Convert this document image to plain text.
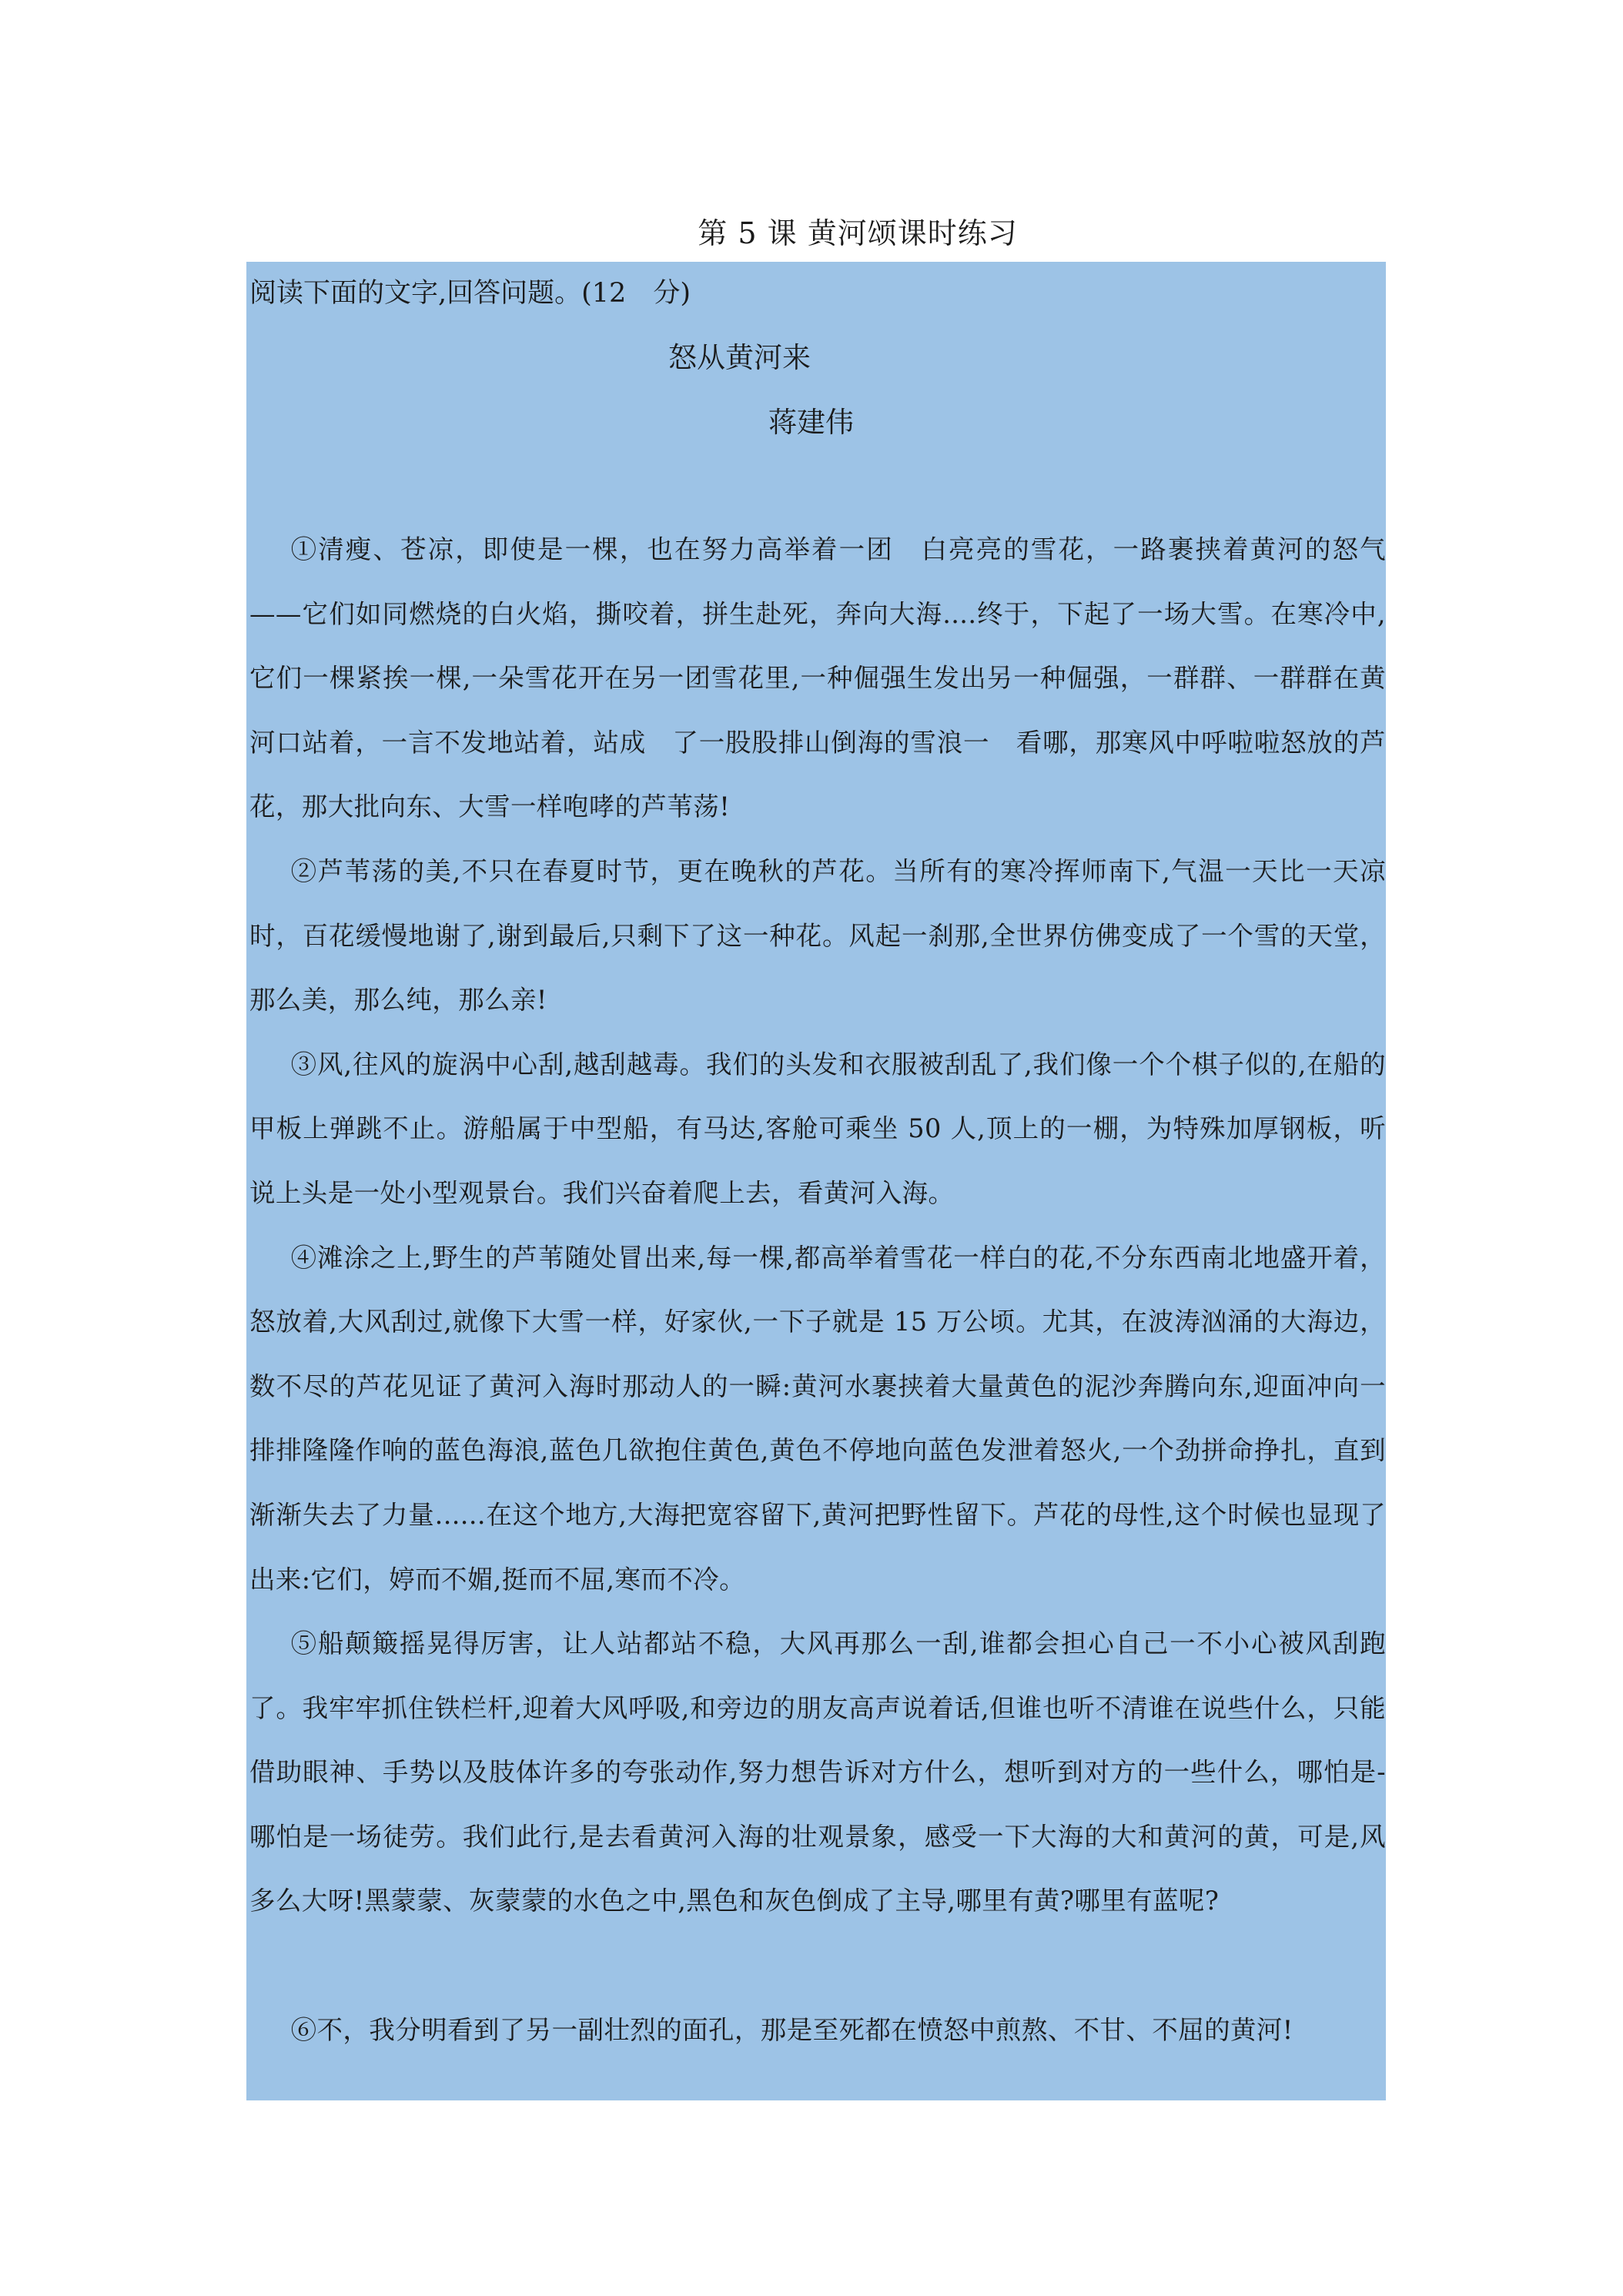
第 5 课 黄河颂课时练习
阅读下面的文字,回答问题。(12　分)
怒从黄河来
蒋建伟

①清瘦、苍凉，即使是一棵，也在努力高举着一团　白亮亮的雪花，一路裹挟着黄河的怒气——它们如同燃烧的白火焰，撕咬着，拼生赴死，奔向大海....终于，下起了一场大雪。在寒冷中,它们一棵紧挨一棵,一朵雪花开在另一团雪花里,一种倔强生发出另一种倔强，一群群、一群群在黄河口站着，一言不发地站着，站成　了一股股排山倒海的雪浪一　看哪，那寒风中呼啦啦怒放的芦花，那大批向东、大雪一样咆哮的芦苇荡!

②芦苇荡的美,不只在春夏时节，更在晚秋的芦花。当所有的寒冷挥师南下,气温一天比一天凉时，百花缓慢地谢了,谢到最后,只剩下了这一种花。风起一刹那,全世界仿佛变成了一个雪的天堂，那么美，那么纯，那么亲!

③风,往风的旋涡中心刮,越刮越毒。我们的头发和衣服被刮乱了,我们像一个个棋子似的,在船的甲板上弹跳不止。游船属于中型船，有马达,客舱可乘坐 50 人,顶上的一棚，为特殊加厚钢板，听说上头是一处小型观景台。我们兴奋着爬上去，看黄河入海。

④滩涂之上,野生的芦苇随处冒出来,每一棵,都高举着雪花一样白的花,不分东西南北地盛开着，怒放着,大风刮过,就像下大雪一样，好家伙,一下子就是 15 万公顷。尤其，在波涛汹涌的大海边，数不尽的芦花见证了黄河入海时那动人的一瞬:黄河水裹挟着大量黄色的泥沙奔腾向东,迎面冲向一排排隆隆作响的蓝色海浪,蓝色几欲抱住黄色,黄色不停地向蓝色发泄着怒火,一个劲拼命挣扎，直到渐渐失去了力量......在这个地方,大海把宽容留下,黄河把野性留下。芦花的母性,这个时候也显现了出来:它们，婷而不媚,挺而不屈,寒而不冷。

⑤船颠簸摇晃得厉害，让人站都站不稳，大风再那么一刮,谁都会担心自己一不小心被风刮跑了。我牢牢抓住铁栏杆,迎着大风呼吸,和旁边的朋友高声说着话,但谁也听不清谁在说些什么，只能借助眼神、手势以及肢体许多的夸张动作,努力想告诉对方什么，想听到对方的一些什么，哪怕是-哪怕是一场徒劳。我们此行,是去看黄河入海的壮观景象，感受一下大海的大和黄河的黄，可是,风多么大呀!黑蒙蒙、灰蒙蒙的水色之中,黑色和灰色倒成了主导,哪里有黄?哪里有蓝呢?

⑥不，我分明看到了另一副壮烈的面孔，那是至死都在愤怒中煎熬、不甘、不屈的黄河!
